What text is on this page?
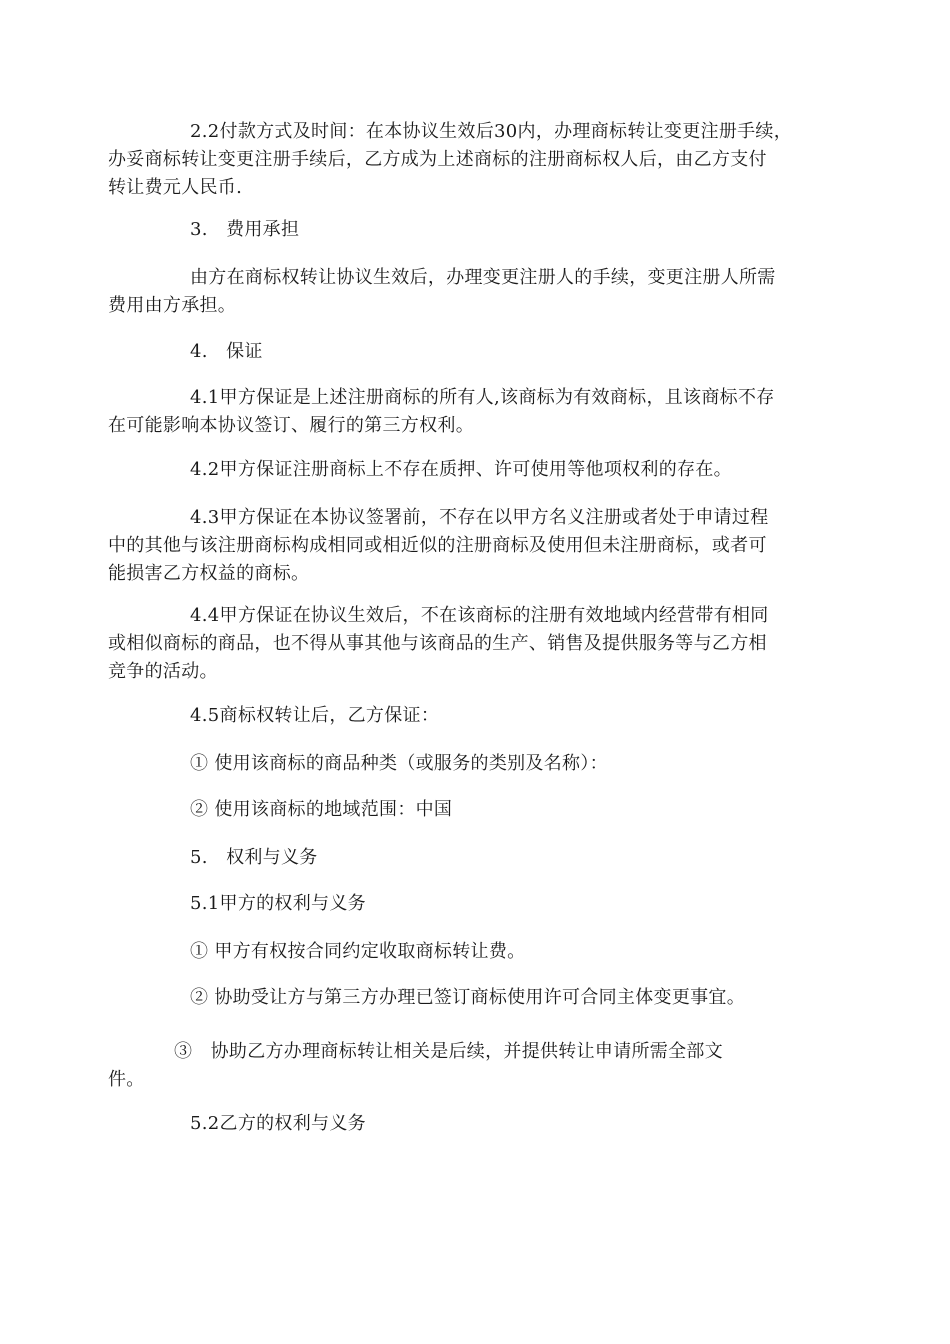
2.2付款方式及时间：在本协议生效后30内，办理商标转让变更注册手续，
办妥商标转让变更注册手续后，乙方成为上述商标的注册商标权人后，由乙方支付
转让费元人民币.

3.　费用承担

由方在商标权转让协议生效后，办理变更注册人的手续，变更注册人所需
费用由方承担。

4.　保证

4.1甲方保证是上述注册商标的所有人,该商标为有效商标，且该商标不存
在可能影响本协议签订、履行的第三方权利。

4.2甲方保证注册商标上不存在质押、许可使用等他项权利的存在。

4.3甲方保证在本协议签署前，不存在以甲方名义注册或者处于申请过程
中的其他与该注册商标构成相同或相近似的注册商标及使用但未注册商标，或者可
能损害乙方权益的商标。

4.4甲方保证在协议生效后，不在该商标的注册有效地域内经营带有相同
或相似商标的商品，也不得从事其他与该商品的生产、销售及提供服务等与乙方相
竞争的活动。

4.5商标权转让后，乙方保证：

① 使用该商标的商品种类（或服务的类别及名称）：

② 使用该商标的地域范围：中国

5.　权利与义务

5.1甲方的权利与义务

① 甲方有权按合同约定收取商标转让费。

② 协助受让方与第三方办理已签订商标使用许可合同主体变更事宜。

③　协助乙方办理商标转让相关是后续，并提供转让申请所需全部文
件。

5.2乙方的权利与义务
